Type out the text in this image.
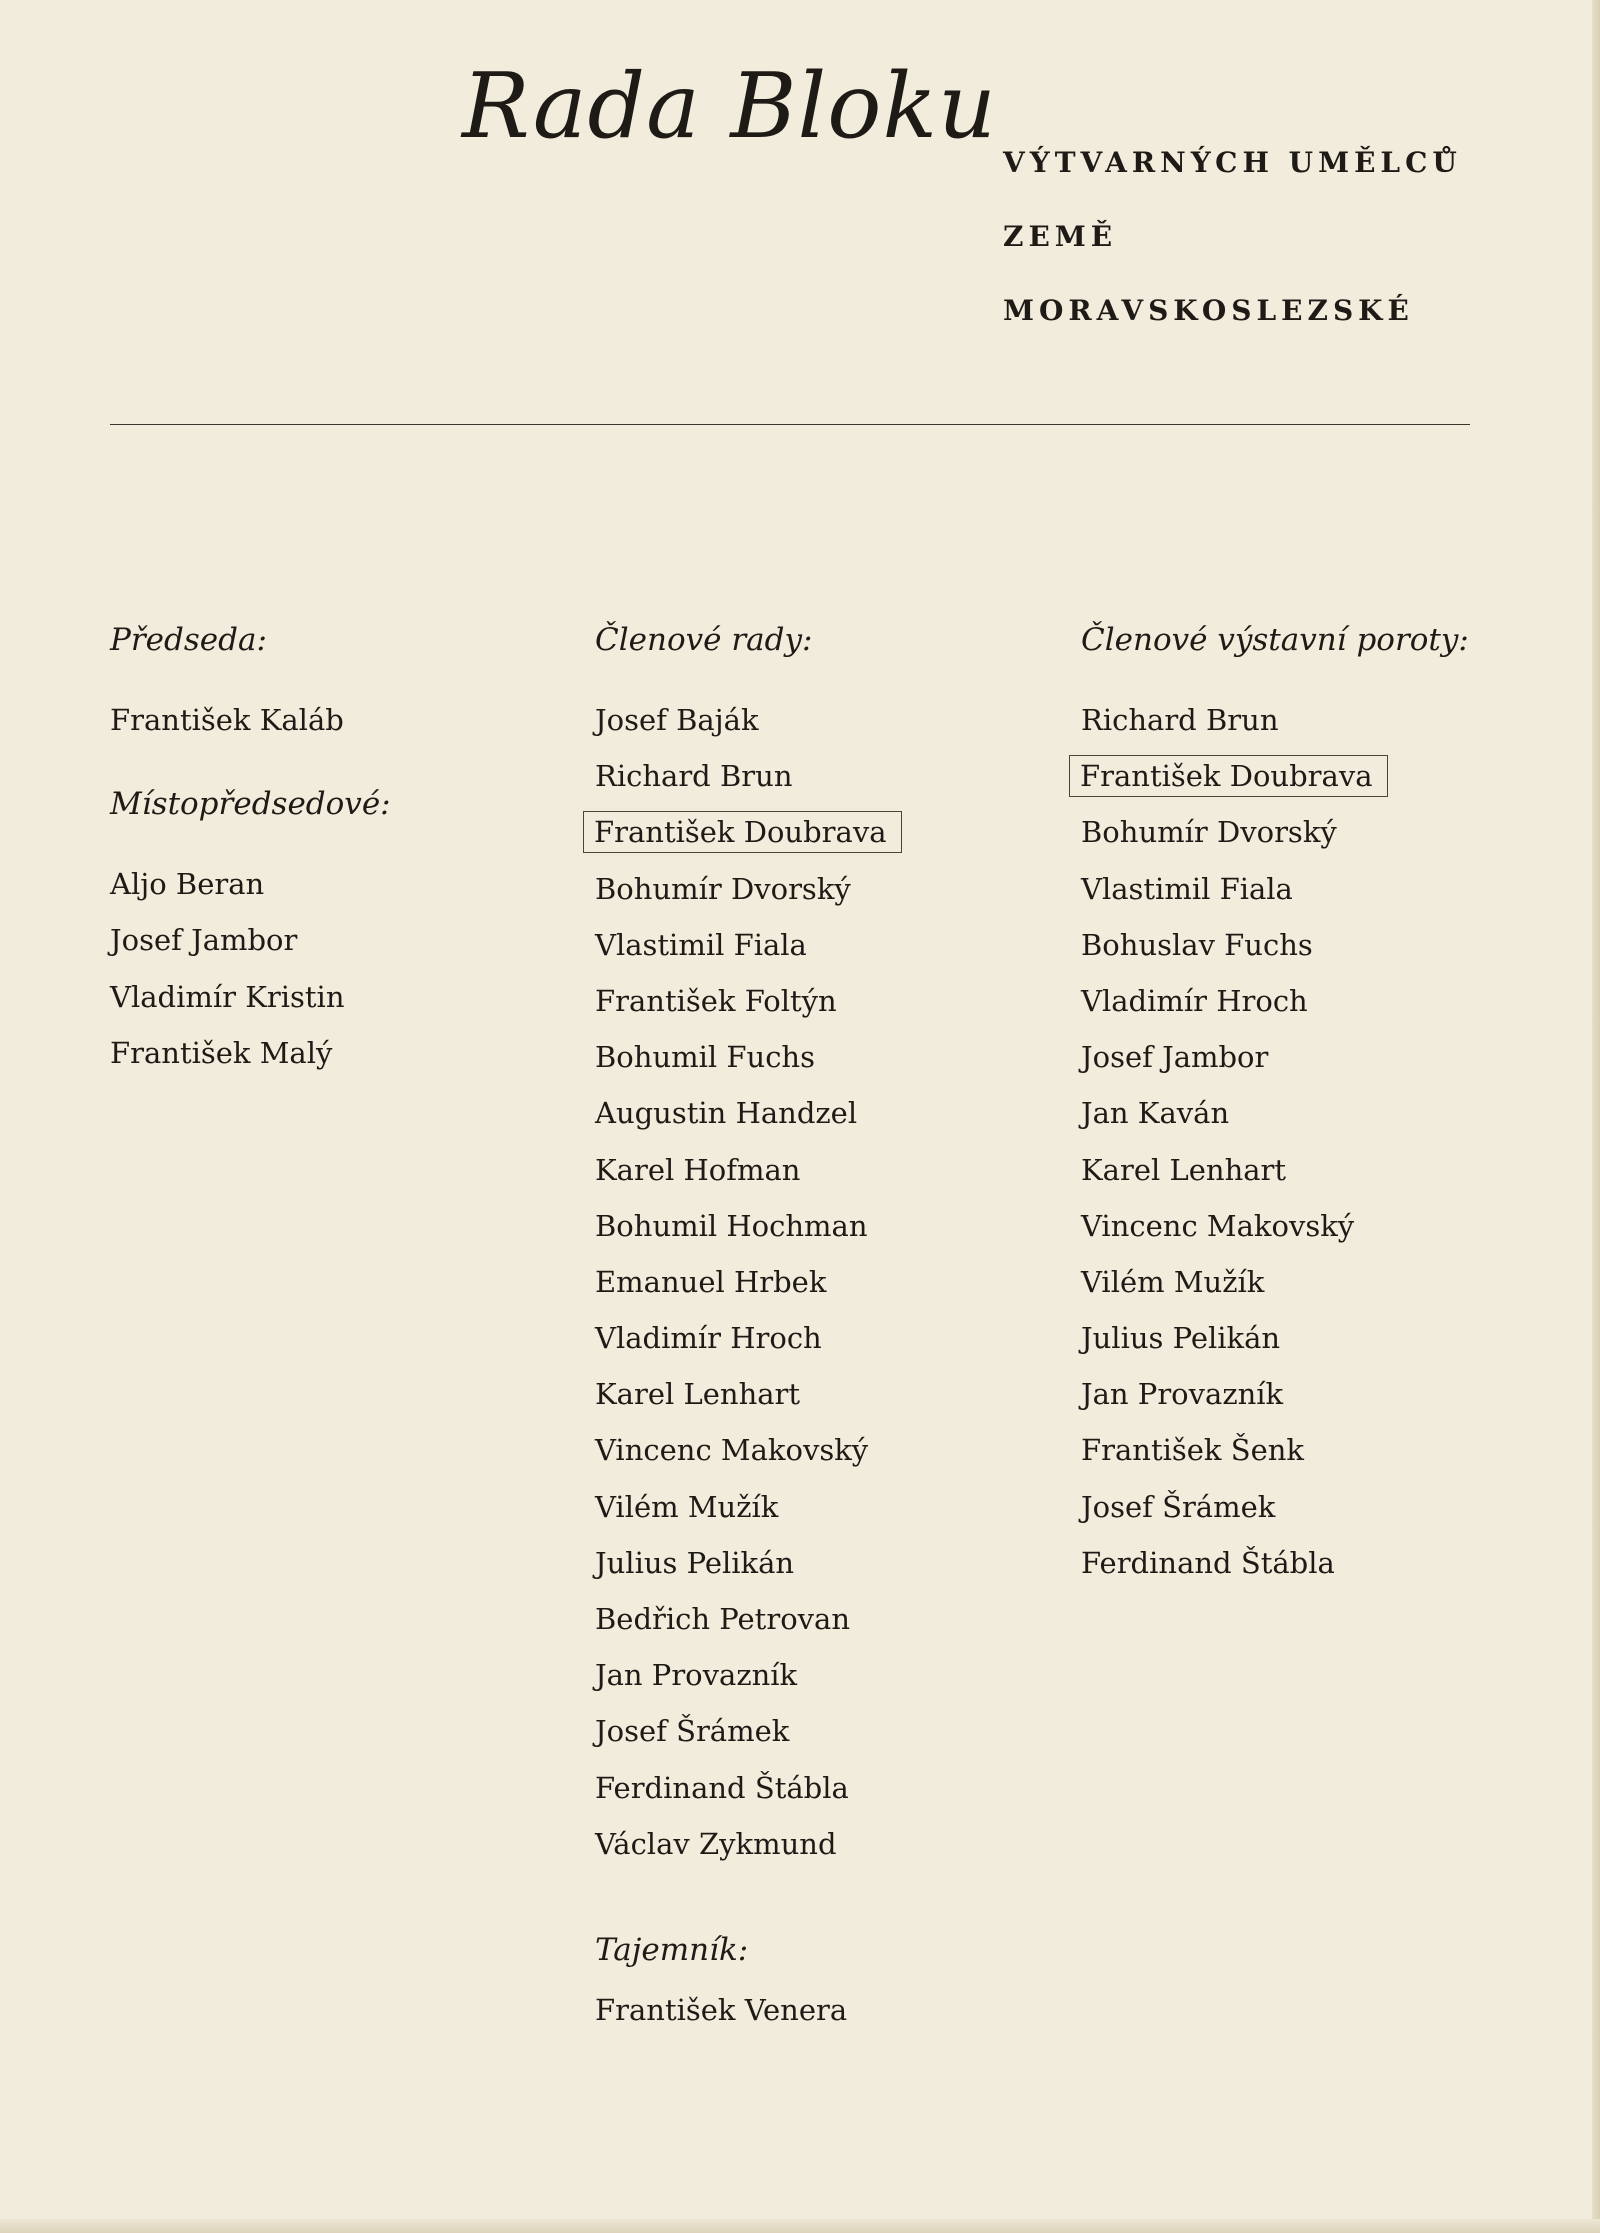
Rada Bloku
VÝTVARNÝCH UMĚLCŮ
ZEMĚ
MORAVSKOSLEZSKÉ
Předseda:
František Kaláb
Místopředsedové:
Aljo Beran
Josef Jambor
Vladimír Kristin
František Malý
Členové rady:
Josef Baják
Richard Brun
František Doubrava
Bohumír Dvorský
Vlastimil Fiala
František Foltýn
Bohumil Fuchs
Augustin Handzel
Karel Hofman
Bohumil Hochman
Emanuel Hrbek
Vladimír Hroch
Karel Lenhart
Vincenc Makovský
Vilém Mužík
Julius Pelikán
Bedřich Petrovan
Jan Provazník
Josef Šrámek
Ferdinand Štábla
Václav Zykmund
Tajemník:
František Venera
Členové výstavní poroty:
Richard Brun
František Doubrava
Bohumír Dvorský
Vlastimil Fiala
Bohuslav Fuchs
Vladimír Hroch
Josef Jambor
Jan Kaván
Karel Lenhart
Vincenc Makovský
Vilém Mužík
Julius Pelikán
Jan Provazník
František Šenk
Josef Šrámek
Ferdinand Štábla
